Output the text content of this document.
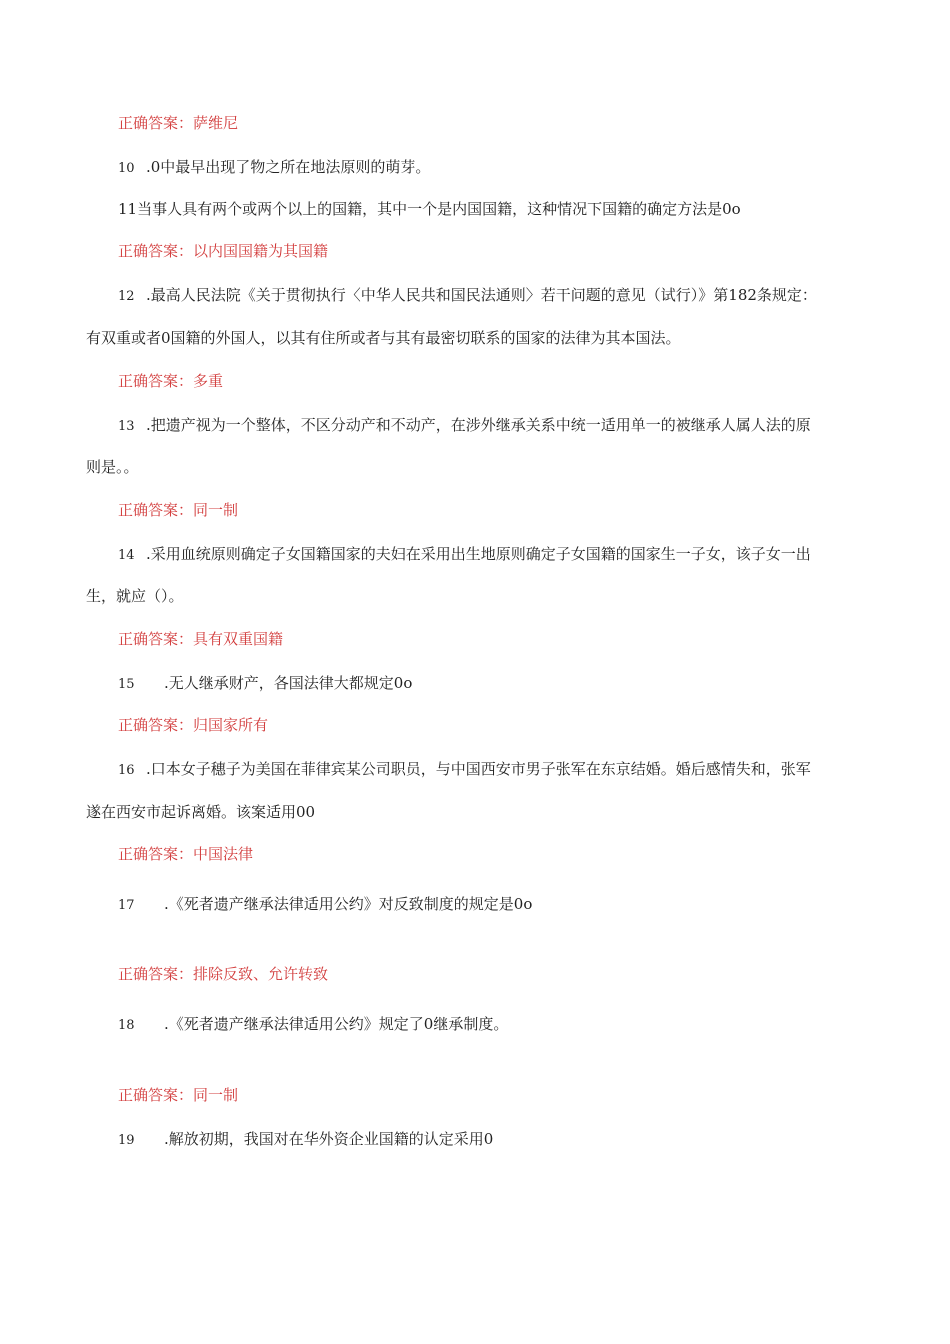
正确答案：萨维尼
10 .0中最早出现了物之所在地法原则的萌芽。
11当事人具有两个或两个以上的国籍，其中一个是内国国籍，这种情况下国籍的确定方法是0o
正确答案：以内国国籍为其国籍
12 .最高人民法院《关于贯彻执行〈中华人民共和国民法通则〉若干问题的意见（试行）》第182条规定：
有双重或者0国籍的外国人，以其有住所或者与其有最密切联系的国家的法律为其本国法。
正确答案：多重
13 .把遗产视为一个整体，不区分动产和不动产，在涉外继承关系中统一适用单一的被继承人属人法的原
则是。。
正确答案：同一制
14 .采用血统原则确定子女国籍国家的夫妇在采用出生地原则确定子女国籍的国家生一子女，该子女一出
生，就应（）。
正确答案：具有双重国籍
15 .无人继承财产，各国法律大都规定0o
正确答案：归国家所有
16 .口本女子穗子为美国在菲律宾某公司职员，与中国西安市男子张军在东京结婚。婚后感情失和，张军
遂在西安市起诉离婚。该案适用00
正确答案：中国法律
17 .《死者遗产继承法律适用公约》对反致制度的规定是0o
正确答案：排除反致、允许转致
18 .《死者遗产继承法律适用公约》规定了0继承制度。
正确答案：同一制
19 .解放初期，我国对在华外资企业国籍的认定采用0
